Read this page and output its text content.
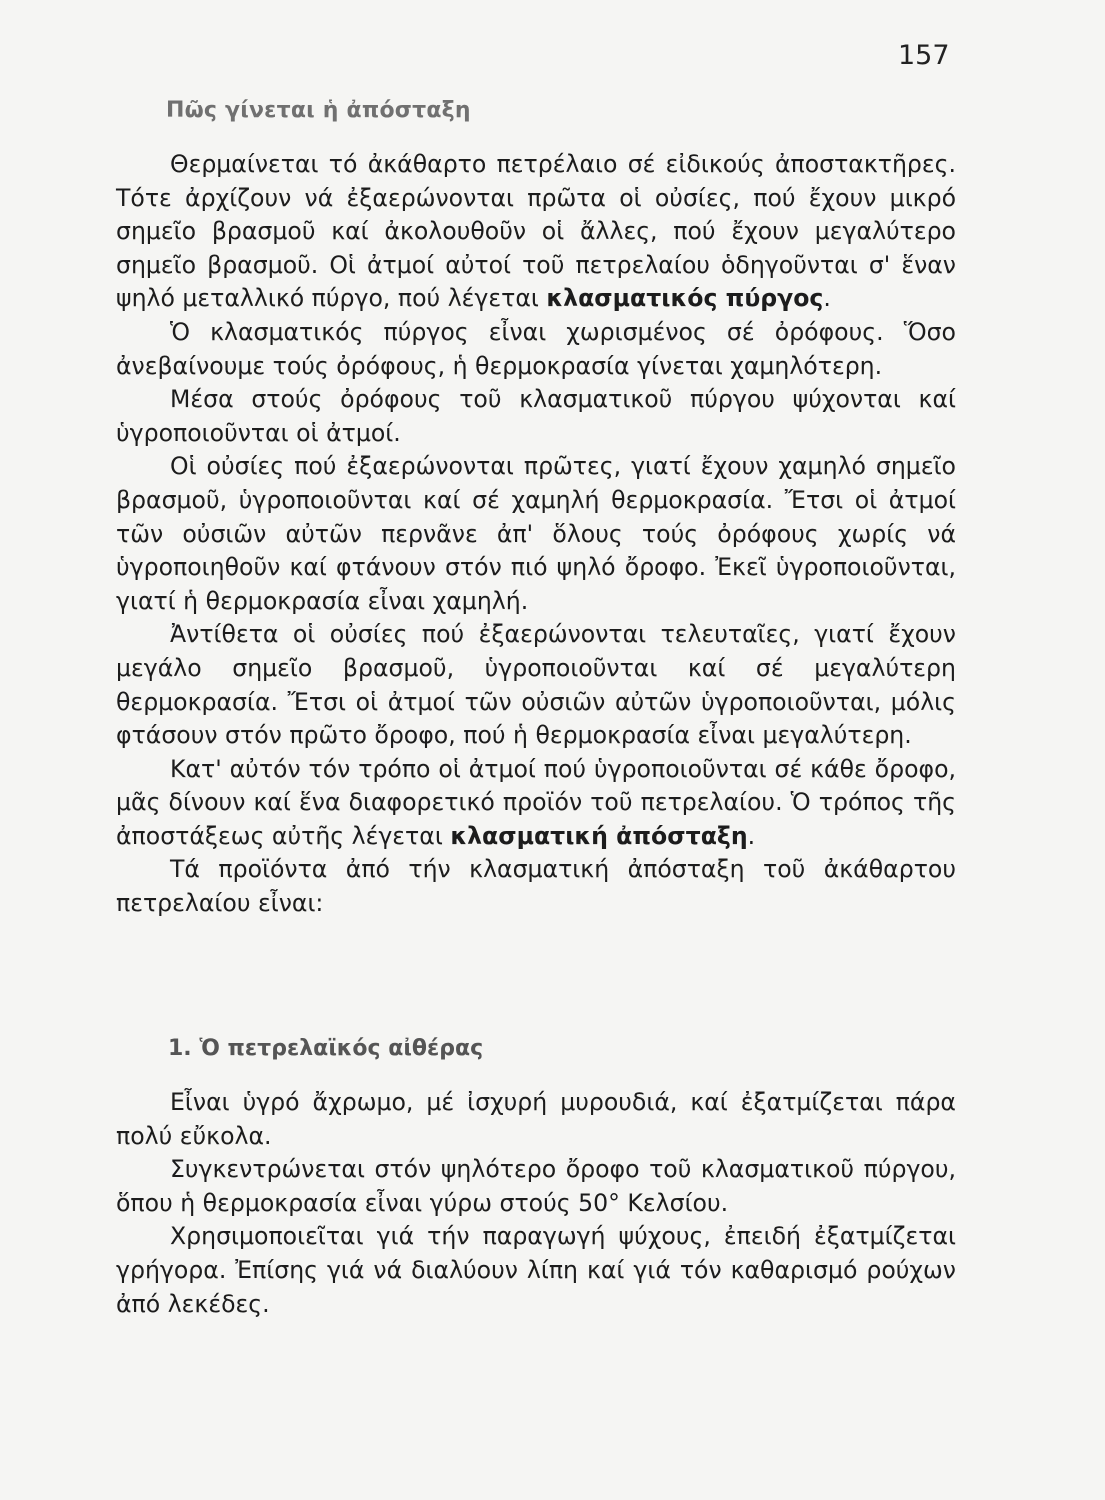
157
Πῶς γίνεται ἡ ἀπόσταξη

Θερμαίνεται τό ἀκάθαρτο πετρέλαιο σέ εἰδικούς ἀποστακτῆρες. Τότε ἀρχίζουν νά ἐξαερώνονται πρῶτα οἱ οὐσίες, πού ἔχουν μικρό σημεῖο βρασμοῦ καί ἀκολουθοῦν οἱ ἄλλες, πού ἔχουν μεγαλύτερο σημεῖο βρασμοῦ. Οἱ ἀτμοί αὐτοί τοῦ πετρελαίου ὁδηγοῦνται σ' ἕναν ψηλό μεταλλικό πύργο, πού λέγεται κλασματικός πύργος.

Ὁ κλασματικός πύργος εἶναι χωρισμένος σέ ὀρόφους. Ὅσο ἀνεβαίνουμε τούς ὀρόφους, ἡ θερμοκρασία γίνεται χαμηλότερη.

Μέσα στούς ὀρόφους τοῦ κλασματικοῦ πύργου ψύχονται καί ὑγροποιοῦνται οἱ ἀτμοί.

Οἱ οὐσίες πού ἐξαερώνονται πρῶτες, γιατί ἔχουν χαμηλό σημεῖο βρασμοῦ, ὑγροποιοῦνται καί σέ χαμηλή θερμοκρασία. Ἔτσι οἱ ἀτμοί τῶν οὐσιῶν αὐτῶν περνᾶνε ἀπ' ὅλους τούς ὀρόφους χωρίς νά ὑγροποιηθοῦν καί φτάνουν στόν πιό ψηλό ὄροφο. Ἐκεῖ ὑγροποιοῦνται, γιατί ἡ θερμοκρασία εἶναι χαμηλή.

Ἀντίθετα οἱ οὐσίες πού ἐξαερώνονται τελευταῖες, γιατί ἔχουν μεγάλο σημεῖο βρασμοῦ, ὑγροποιοῦνται καί σέ μεγαλύτερη θερμοκρασία. Ἔτσι οἱ ἀτμοί τῶν οὐσιῶν αὐτῶν ὑγροποιοῦνται, μόλις φτάσουν στόν πρῶτο ὄροφο, πού ἡ θερμοκρασία εἶναι μεγαλύτερη.

Κατ' αὐτόν τόν τρόπο οἱ ἀτμοί πού ὑγροποιοῦνται σέ κάθε ὄροφο, μᾶς δίνουν καί ἕνα διαφορετικό προϊόν τοῦ πετρελαίου. Ὁ τρόπος τῆς ἀποστάξεως αὐτῆς λέγεται κλασματική ἀπόσταξη.

Τά προϊόντα ἀπό τήν κλασματική ἀπόσταξη τοῦ ἀκάθαρτου πετρελαίου εἶναι:

1. Ὁ πετρελαϊκός αἰθέρας

Εἶναι ὑγρό ἄχρωμο, μέ ἰσχυρή μυρουδιά, καί ἐξατμίζεται πάρα πολύ εὔκολα.

Συγκεντρώνεται στόν ψηλότερο ὄροφο τοῦ κλασματικοῦ πύργου, ὅπου ἡ θερμοκρασία εἶναι γύρω στούς 50° Κελσίου.

Χρησιμοποιεῖται γιά τήν παραγωγή ψύχους, ἐπειδή ἐξατμίζεται γρήγορα. Ἐπίσης γιά νά διαλύουν λίπη καί γιά τόν καθαρισμό ρούχων ἀπό λεκέδες.
